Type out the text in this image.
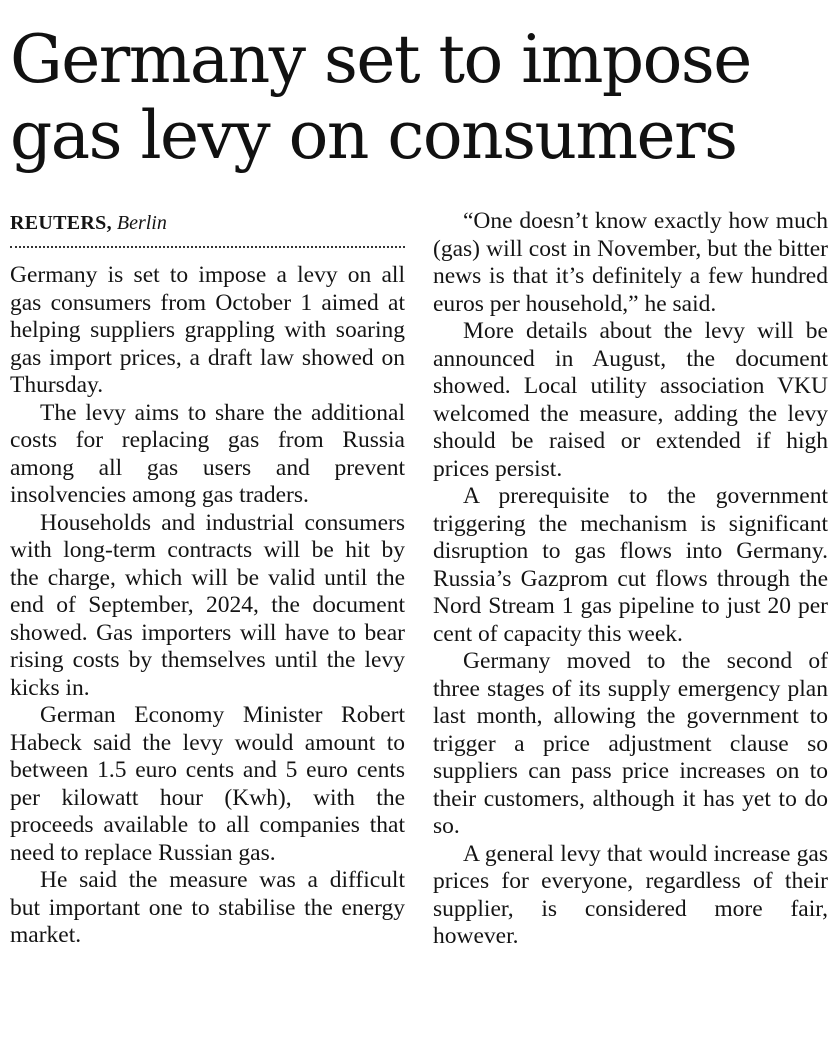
Germany set to impose
gas levy on consumers
REUTERS, Berlin

Germany is set to impose a levy on all gas consumers from October 1 aimed at helping suppliers grappling with soaring gas import prices, a draft law showed on Thursday.

The levy aims to share the additional costs for replacing gas from Russia among all gas users and prevent insolvencies among gas traders.

Households and industrial consumers with long-term contracts will be hit by the charge, which will be valid until the end of September, 2024, the document showed. Gas importers will have to bear rising costs by themselves until the levy kicks in.

German Economy Minister Robert Habeck said the levy would amount to between 1.5 euro cents and 5 euro cents per kilowatt hour (Kwh), with the proceeds available to all companies that need to replace Russian gas.

He said the measure was a difficult but important one to stabilise the energy market.

“One doesn’t know exactly how much (gas) will cost in November, but the bitter news is that it’s definitely a few hundred euros per household,” he said.

More details about the levy will be announced in August, the document showed. Local utility association VKU welcomed the measure, adding the levy should be raised or extended if high prices persist.

A prerequisite to the government triggering the mechanism is significant disruption to gas flows into Germany. Russia’s Gazprom cut flows through the Nord Stream 1 gas pipeline to just 20 per cent of capacity this week.

Germany moved to the second of three stages of its supply emergency plan last month, allowing the government to trigger a price adjustment clause so suppliers can pass price increases on to their customers, although it has yet to do so.

A general levy that would increase gas prices for everyone, regardless of their supplier, is considered more fair, however.
